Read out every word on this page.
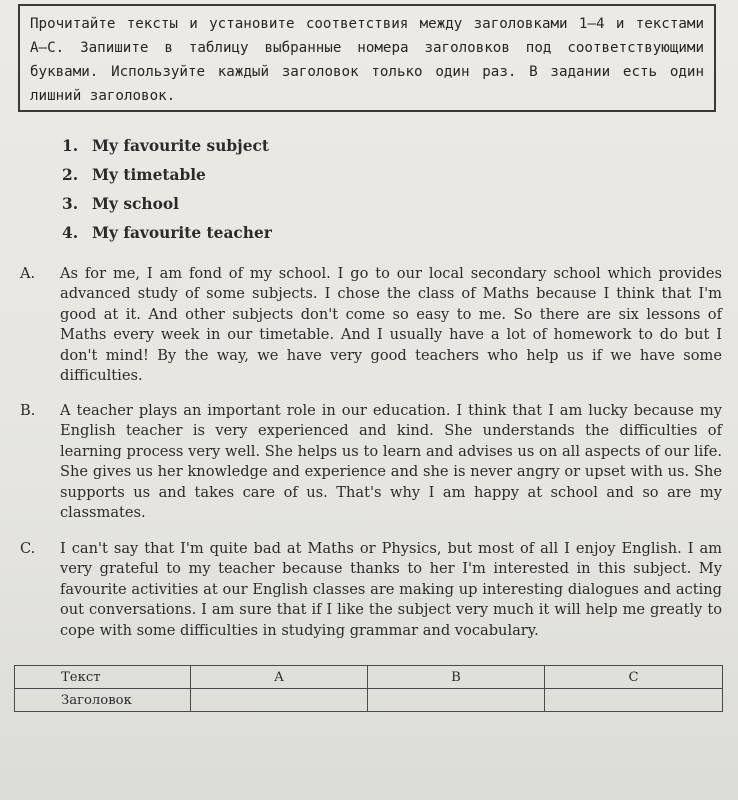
Прочитайте тексты и установите соответствия между заголовками 1–4 и текстами A–C. Запишите в таблицу выбранные номера заголовков под соответствующими буквами. Используйте каждый заголовок только один раз. В задании есть один лишний заголовок.
1. My favourite subject
2. My timetable
3. My school
4. My favourite teacher
A.	As for me, I am fond of my school. I go to our local secondary school which provides advanced study of some subjects. I chose the class of Maths because I think that I'm good at it. And other subjects don't come so easy to me. So there are six lessons of Maths every week in our timetable. And I usually have a lot of homework to do but I don't mind! By the way, we have very good teachers who help us if we have some difficulties.
B.	A teacher plays an important role in our education. I think that I am lucky because my English teacher is very experienced and kind. She understands the difficulties of learning process very well. She helps us to learn and advises us on all aspects of our life. She gives us her knowledge and experience and she is never angry or upset with us. She supports us and takes care of us. That's why I am happy at school and so are my classmates.
C.	I can't say that I'm quite bad at Maths or Physics, but most of all I enjoy English. I am very grateful to my teacher because thanks to her I'm interested in this subject. My favourite activities at our English classes are making up interesting dialogues and acting out conversations. I am sure that if I like the subject very much it will help me greatly to cope with some difficulties in studying grammar and vocabulary.
Текст	A	B	C
Заголовок			
